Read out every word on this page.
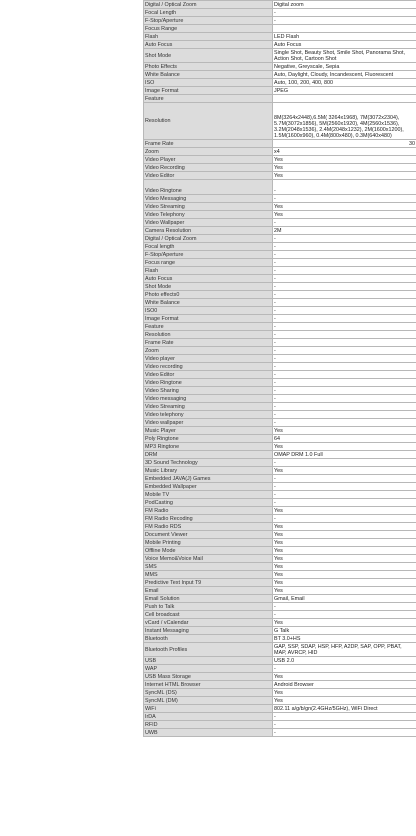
Digital / Optical Zoom	Digital zoom
Focal Length	-
F-Stop/Aperture	-
Focus Range	
Flash	LED Flash
Auto Focus	Auto Focus
Shot Mode	Single Shot, Beauty Shot, Smile Shot, Panorama Shot, Action Shot, Cartoon Shot
Photo Effects	Negative, Greyscale, Sepia
White Balance	Auto, Daylight, Cloudy, Incandescent, Fluorescent
ISO	Auto, 100, 200, 400, 800
Image Format	JPEG
Feature	
Resolution	8M(3264x2448),6.5M( 3264x1968), 7M(3072x2304), 5.7M(3072x1856), 5M(2560x1920), 4M(2560x1536), 3.2M(2048x1536), 2.4M(2048x1232), 2M(1600x1200), 1.5M(1600x960), 0.4M(800x480), 0.3M(640x480)
Frame Rate	30
Zoom	x4
Video Player	Yes
Video Recording	Yes
Video Editor	Yes
Video Ringtone	-
Video Messaging	-
Video Streaming	Yes
Video Telephony	Yes
Video Wallpaper	-
Camera Resolution	2M
Digital / Optical Zoom	-
Focal length	-
F-Stop/Aperture	-
Focus range	-
Flash	-
Auto Focus	-
Shot Mode	-
Photo effects0	-
White Balance	-
ISO0	-
Image Format	-
Feature	-
Resolution	-
Frame Rate	-
Zoom	-
Video player	-
Video recording	-
Video Editor	-
Video Ringtone	-
Video Sharing	-
Video messaging	-
Video Streaming	-
Video telephony	-
Video wallpaper	-
Music Player	Yes
Poly Ringtone	64
MP3 Ringtone	Yes
DRM	OMAP DRM 1.0 Full
3D Sound Technology	-
Music Library	Yes
Embedded JAVA(J) Games	-
Embedded Wallpaper	-
Mobile TV	-
PodCasting	-
FM Radio	Yes
FM Radio Recoding	-
FM Radio RDS	Yes
Document Viewer	Yes
Mobile Printing	Yes
Offline Mode	Yes
Voice Memo&Voice Mail	Yes
SMS	Yes
MMS	Yes
Predictive Text Input T9	Yes
Email	Yes
Email Solution	Gmail, Email
Push to Talk	-
Cell broadcast	-
vCard / vCalendar	Yes
Instant Messaging	G Talk
Bluetooth	BT 3.0+HS
Bluetooth Profiles	GAP, SSP, SDAP, HSP, HFP, A2DP, SAP, OPP, PBAT, MAP, AVRCP, HID
USB	USB 2.0
WAP	-
USB Mass Storage	Yes
Internet HTML Browser	Android Browser
SyncML (DS)	Yes
SyncML (DM)	Yes
WiFi	802.11 a/g/b/gn(2.4GHz/5GHz), WiFi Direct
IrDA	-
RFID	-
UWB	-
